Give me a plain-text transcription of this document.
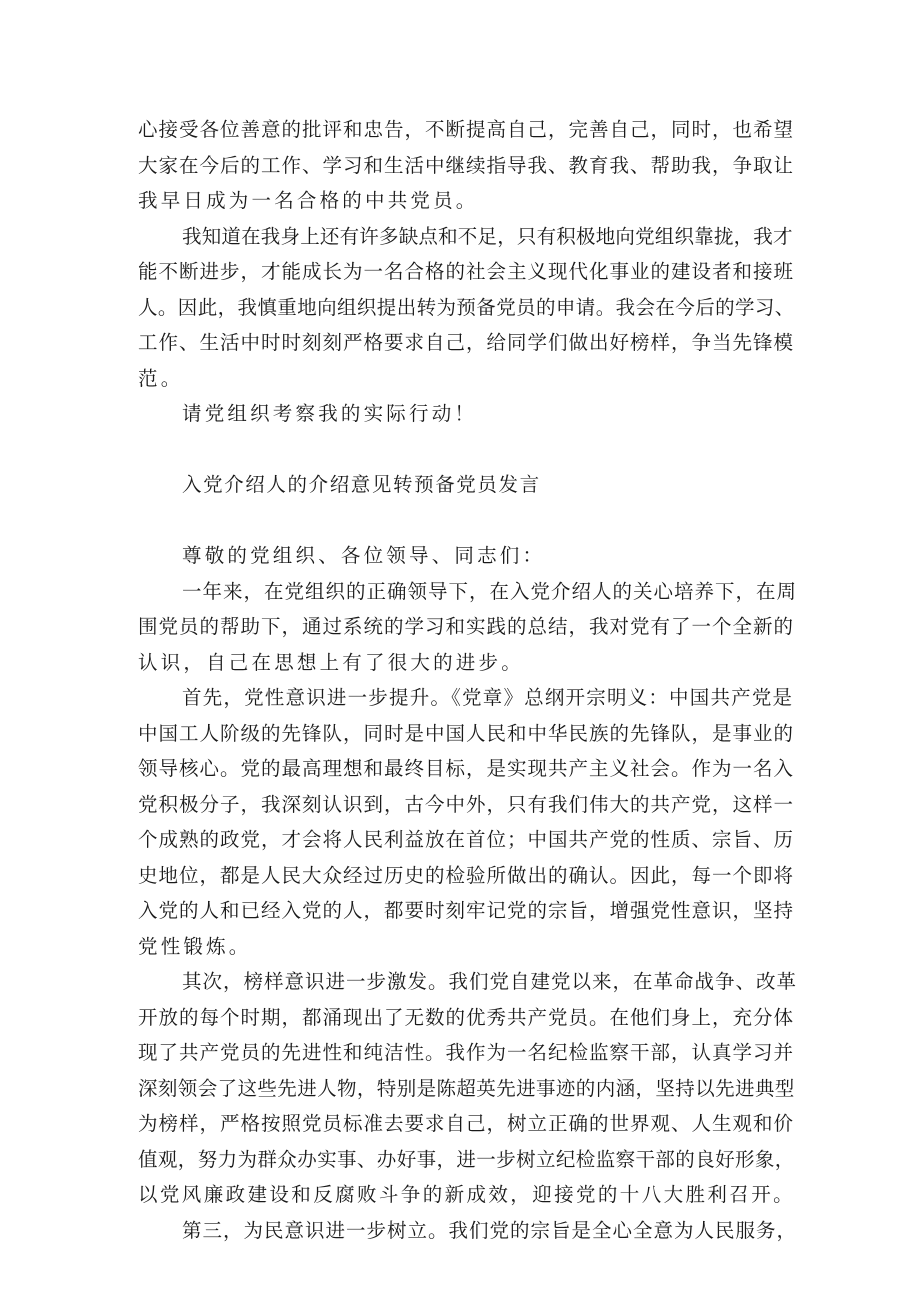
心接受各位善意的批评和忠告，不断提高自己，完善自己，同时，也希望
大家在今后的工作、学习和生活中继续指导我、教育我、帮助我，争取让
我早日成为一名合格的中共党员。
我知道在我身上还有许多缺点和不足，只有积极地向党组织靠拢，我才
能不断进步，才能成长为一名合格的社会主义现代化事业的建设者和接班
人。因此，我慎重地向组织提出转为预备党员的申请。我会在今后的学习、
工作、生活中时时刻刻严格要求自己，给同学们做出好榜样，争当先锋模
范。
请党组织考察我的实际行动！
入党介绍人的介绍意见转预备党员发言
尊敬的党组织、各位领导、同志们：
一年来，在党组织的正确领导下，在入党介绍人的关心培养下，在周
围党员的帮助下，通过系统的学习和实践的总结，我对党有了一个全新的
认识，自己在思想上有了很大的进步。
首先，党性意识进一步提升。《党章》总纲开宗明义：中国共产党是
中国工人阶级的先锋队，同时是中国人民和中华民族的先锋队，是事业的
领导核心。党的最高理想和最终目标，是实现共产主义社会。作为一名入
党积极分子，我深刻认识到，古今中外，只有我们伟大的共产党，这样一
个成熟的政党，才会将人民利益放在首位；中国共产党的性质、宗旨、历
史地位，都是人民大众经过历史的检验所做出的确认。因此，每一个即将
入党的人和已经入党的人，都要时刻牢记党的宗旨，增强党性意识，坚持
党性锻炼。
其次，榜样意识进一步激发。我们党自建党以来，在革命战争、改革
开放的每个时期，都涌现出了无数的优秀共产党员。在他们身上，充分体
现了共产党员的先进性和纯洁性。我作为一名纪检监察干部，认真学习并
深刻领会了这些先进人物，特别是陈超英先进事迹的内涵，坚持以先进典型
为榜样，严格按照党员标准去要求自己，树立正确的世界观、人生观和价
值观，努力为群众办实事、办好事，进一步树立纪检监察干部的良好形象，
以党风廉政建设和反腐败斗争的新成效，迎接党的十八大胜利召开。
第三，为民意识进一步树立。我们党的宗旨是全心全意为人民服务，
